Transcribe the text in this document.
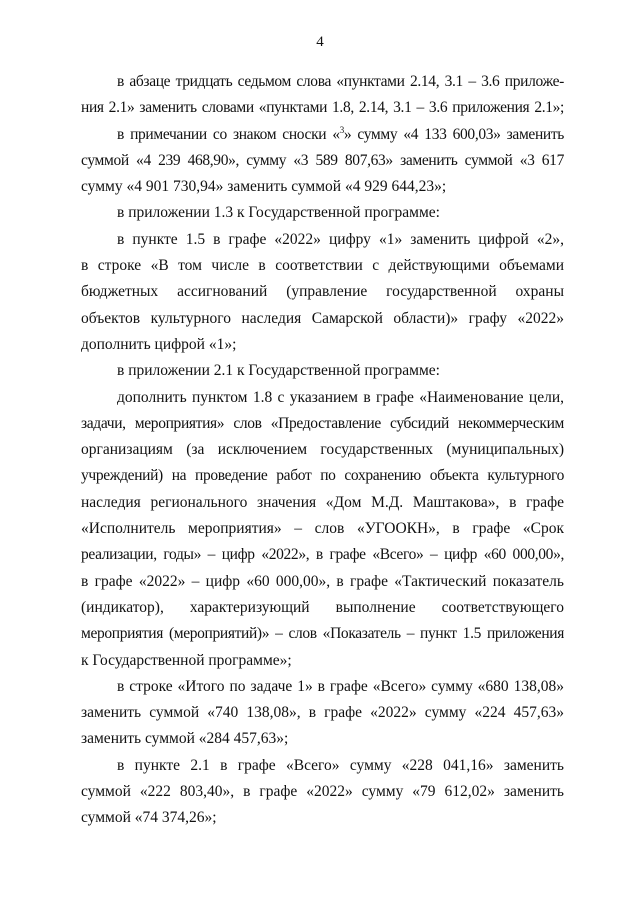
4
в абзаце тридцать седьмом слова «пунктами 2.14, 3.1 – 3.6 приложе-
ния 2.1» заменить словами «пунктами 1.8, 2.14, 3.1 – 3.6 приложения 2.1»;
в примечании со знаком сноски «$^3$» сумму «4 133 600,03» заменить
суммой «4 239 468,90», сумму «3 589 807,63» заменить суммой «3 617
сумму «4 901 730,94» заменить суммой «4 929 644,23»;
в приложении 1.3 к Государственной программе:
в пункте 1.5 в графе «2022» цифру «1» заменить цифрой «2»,
в строке «В том числе в соответствии с действующими объемами
бюджетных ассигнований (управление государственной охраны
объектов культурного наследия Самарской области)» графу «2022»
дополнить цифрой «1»;
в приложении 2.1 к Государственной программе:
дополнить пунктом 1.8 с указанием в графе «Наименование цели,
задачи, мероприятия» слов «Предоставление субсидий некоммерческим
организациям (за исключением государственных (муниципальных)
учреждений) на проведение работ по сохранению объекта культурного
наследия регионального значения «Дом М.Д. Маштакова», в графе
«Исполнитель мероприятия» – слов «УГООКН», в графе «Срок
реализации, годы» – цифр «2022», в графе «Всего» – цифр «60 000,00»,
в графе «2022» – цифр «60 000,00», в графе «Тактический показатель
(индикатор), характеризующий выполнение соответствующего
мероприятия (мероприятий)» – слов «Показатель – пункт 1.5 приложения
к Государственной программе»;
в строке «Итого по задаче 1» в графе «Всего» сумму «680 138,08»
заменить суммой «740 138,08», в графе «2022» сумму «224 457,63»
заменить суммой «284 457,63»;
в пункте 2.1 в графе «Всего» сумму «228 041,16» заменить
суммой «222 803,40», в графе «2022» сумму «79 612,02» заменить
суммой «74 374,26»;
